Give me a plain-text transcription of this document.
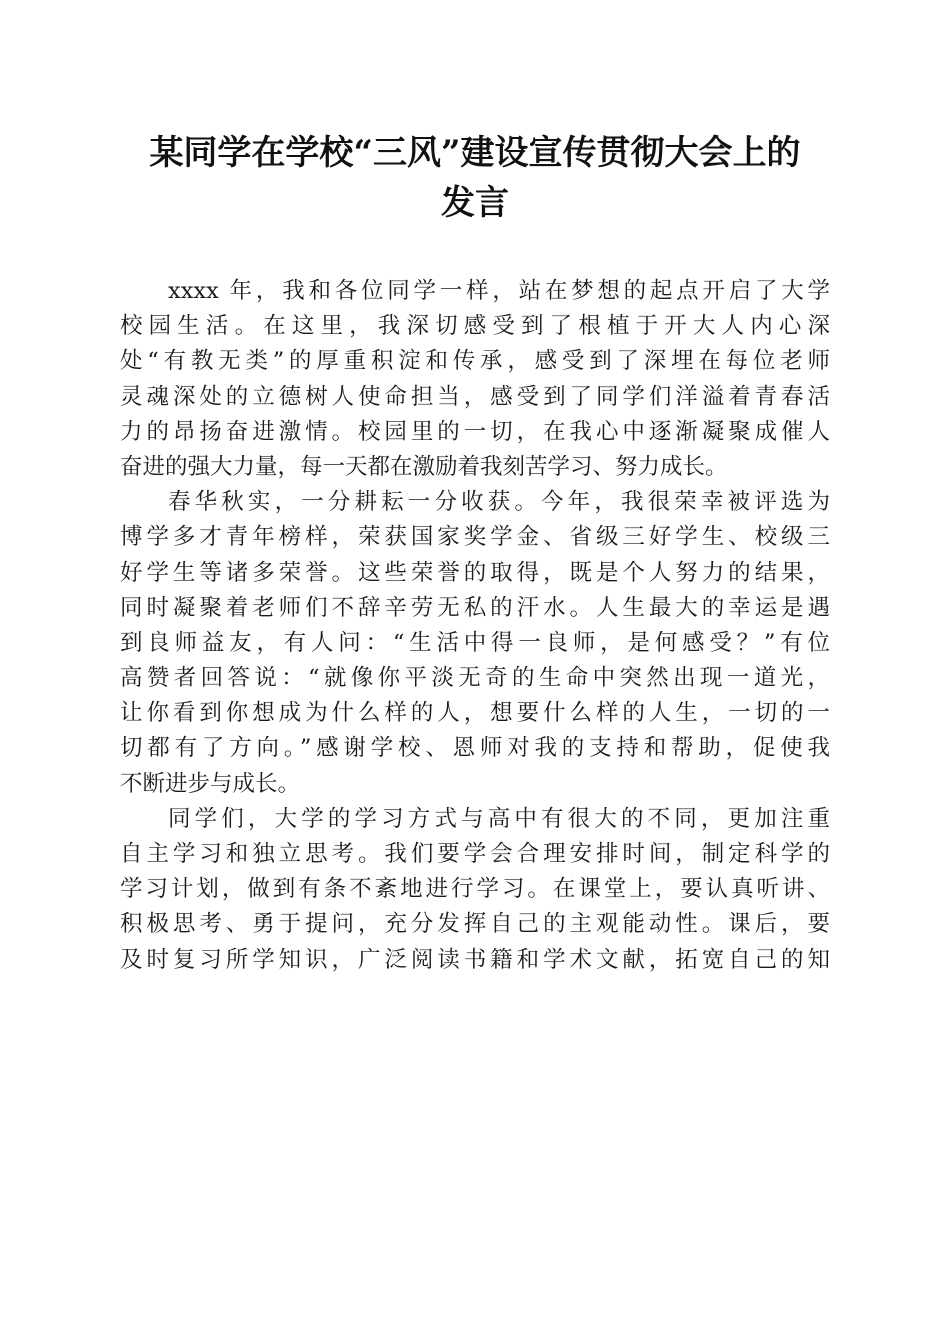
某同学在学校“三风”建设宣传贯彻大会上的
发言
xxxx 年，我和各位同学一样，站在梦想的起点开启了大学
校园生活。在这里，我深切感受到了根植于开大人内心深
处“有教无类”的厚重积淀和传承，感受到了深埋在每位老师
灵魂深处的立德树人使命担当，感受到了同学们洋溢着青春活
力的昂扬奋进激情。校园里的一切，在我心中逐渐凝聚成催人
奋进的强大力量，每一天都在激励着我刻苦学习、努力成长。
春华秋实，一分耕耘一分收获。今年，我很荣幸被评选为
博学多才青年榜样，荣获国家奖学金、省级三好学生、校级三
好学生等诸多荣誉。这些荣誉的取得，既是个人努力的结果，
同时凝聚着老师们不辞辛劳无私的汗水。人生最大的幸运是遇
到良师益友，有人问：“生活中得一良师，是何感受？”有位
高赞者回答说：“就像你平淡无奇的生命中突然出现一道光，
让你看到你想成为什么样的人，想要什么样的人生，一切的一
切都有了方向。”感谢学校、恩师对我的支持和帮助，促使我
不断进步与成长。
同学们，大学的学习方式与高中有很大的不同，更加注重
自主学习和独立思考。我们要学会合理安排时间，制定科学的
学习计划，做到有条不紊地进行学习。在课堂上，要认真听讲、
积极思考、勇于提问，充分发挥自己的主观能动性。课后，要
及时复习所学知识，广泛阅读书籍和学术文献，拓宽自己的知
